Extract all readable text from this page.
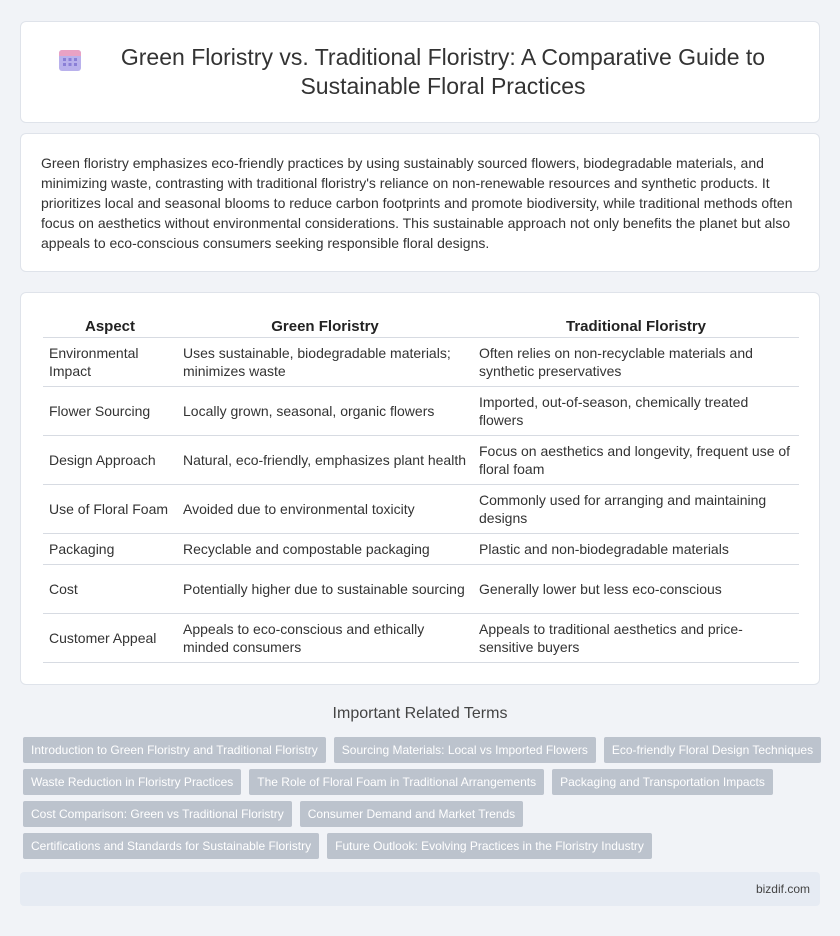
Green Floristry vs. Traditional Floristry: A Comparative Guide to Sustainable Floral Practices

Green floristry emphasizes eco-friendly practices by using sustainably sourced flowers, biodegradable materials, and minimizing waste, contrasting with traditional floristry's reliance on non-renewable resources and synthetic products. It prioritizes local and seasonal blooms to reduce carbon footprints and promote biodiversity, while traditional methods often focus on aesthetics without environmental considerations. This sustainable approach not only benefits the planet but also appeals to eco-conscious consumers seeking responsible floral designs.

Aspect	Green Floristry	Traditional Floristry
Environmental Impact	Uses sustainable, biodegradable materials; minimizes waste	Often relies on non-recyclable materials and synthetic preservatives
Flower Sourcing	Locally grown, seasonal, organic flowers	Imported, out-of-season, chemically treated flowers
Design Approach	Natural, eco-friendly, emphasizes plant health	Focus on aesthetics and longevity, frequent use of floral foam
Use of Floral Foam	Avoided due to environmental toxicity	Commonly used for arranging and maintaining designs
Packaging	Recyclable and compostable packaging	Plastic and non-biodegradable materials
Cost	Potentially higher due to sustainable sourcing	Generally lower but less eco-conscious
Customer Appeal	Appeals to eco-conscious and ethically minded consumers	Appeals to traditional aesthetics and price-sensitive buyers
Important Related Terms
Introduction to Green Floristry and Traditional Floristry	Sourcing Materials: Local vs Imported Flowers	Eco-friendly Floral Design Techniques
Waste Reduction in Floristry Practices	The Role of Floral Foam in Traditional Arrangements	Packaging and Transportation Impacts
Cost Comparison: Green vs Traditional Floristry	Consumer Demand and Market Trends
Certifications and Standards for Sustainable Floristry	Future Outlook: Evolving Practices in the Floristry Industry
bizdif.com
